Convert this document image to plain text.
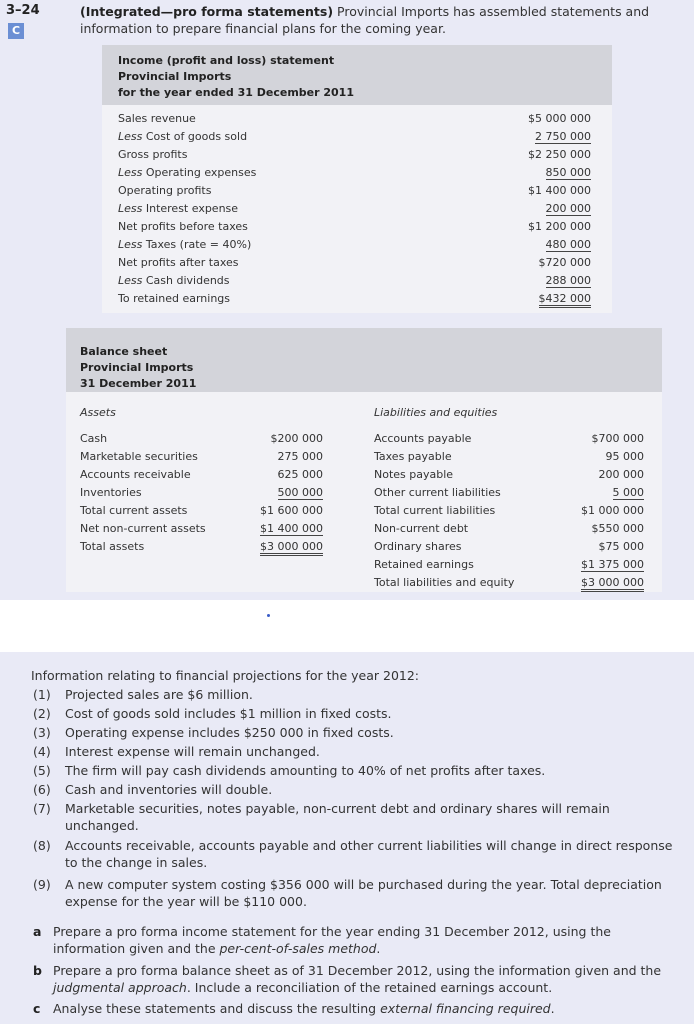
3–24
C
(Integrated—pro forma statements) Provincial Imports has assembled statements and information to prepare financial plans for the coming year.
Income (profit and loss) statement
Provincial Imports
for the year ended 31 December 2011
Sales revenue	$5 000 000
Less Cost of goods sold	2 750 000
Gross profits	$2 250 000
Less Operating expenses	850 000
Operating profits	$1 400 000
Less Interest expense	200 000
Net profits before taxes	$1 200 000
Less Taxes (rate = 40%)	480 000
Net profits after taxes	$720 000
Less Cash dividends	288 000
To retained earnings	$432 000
Balance sheet
Provincial Imports
31 December 2011
Assets	Liabilities and equities
Cash	$200 000
Marketable securities	275 000
Accounts receivable	625 000
Inventories	500 000
Total current assets	$1 600 000
Net non-current assets	$1 400 000
Total assets	$3 000 000
Accounts payable	$700 000
Taxes payable	95 000
Notes payable	200 000
Other current liabilities	5 000
Total current liabilities	$1 000 000
Non-current debt	$550 000
Ordinary shares	$75 000
Retained earnings	$1 375 000
Total liabilities and equity	$3 000 000
Information relating to financial projections for the year 2012:
(1) Projected sales are $6 million.
(2) Cost of goods sold includes $1 million in fixed costs.
(3) Operating expense includes $250 000 in fixed costs.
(4) Interest expense will remain unchanged.
(5) The firm will pay cash dividends amounting to 40% of net profits after taxes.
(6) Cash and inventories will double.
(7) Marketable securities, notes payable, non-current debt and ordinary shares will remain unchanged.
(8) Accounts receivable, accounts payable and other current liabilities will change in direct response to the change in sales.
(9) A new computer system costing $356 000 will be purchased during the year. Total depreciation expense for the year will be $110 000.
a Prepare a pro forma income statement for the year ending 31 December 2012, using the information given and the per-cent-of-sales method.
b Prepare a pro forma balance sheet as of 31 December 2012, using the information given and the judgmental approach. Include a reconciliation of the retained earnings account.
c Analyse these statements and discuss the resulting external financing required.
